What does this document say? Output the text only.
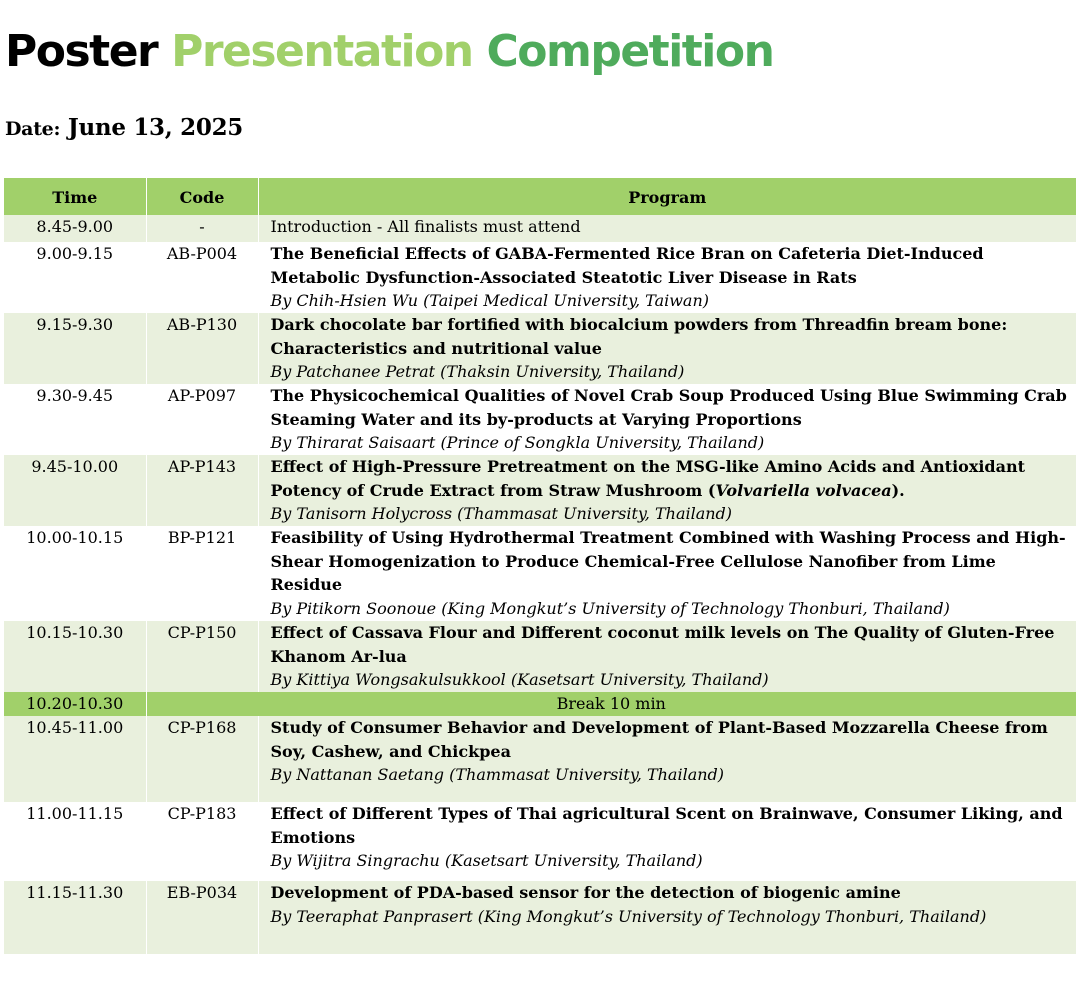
Poster Presentation Competition
Date: June 13, 2025
Time	Code	Program
8.45-9.00	-	Introduction - All finalists must attend
9.00-9.15	AB-P004	The Beneficial Effects of GABA-Fermented Rice Bran on Cafeteria Diet-Induced Metabolic Dysfunction-Associated Steatotic Liver Disease in Rats
By Chih-Hsien Wu (Taipei Medical University, Taiwan)

9.15-9.30	AB-P130	Dark chocolate bar fortified with biocalcium powders from Threadfin bream bone: Characteristics and nutritional value
By Patchanee Petrat (Thaksin University, Thailand)

9.30-9.45	AP-P097	The Physicochemical Qualities of Novel Crab Soup Produced Using Blue Swimming Crab Steaming Water and its by-products at Varying Proportions
By Thirarat Saisaart (Prince of Songkla University, Thailand)

9.45-10.00	AP-P143	Effect of High-Pressure Pretreatment on the MSG-like Amino Acids and Antioxidant Potency of Crude Extract from Straw Mushroom (Volvariella volvacea).
By Tanisorn Holycross (Thammasat University, Thailand)

10.00-10.15	BP-P121	Feasibility of Using Hydrothermal Treatment Combined with Washing Process and High-Shear Homogenization to Produce Chemical-Free Cellulose Nanofiber from Lime Residue
By Pitikorn Soonoue (King Mongkut’s University of Technology Thonburi, Thailand)

10.15-10.30	CP-P150	Effect of Cassava Flour and Different coconut milk levels on The Quality of Gluten-Free Khanom Ar-lua
By Kittiya Wongsakulsukkool (Kasetsart University, Thailand)

10.20-10.30	Break 10 min	
10.45-11.00	CP-P168	Study of Consumer Behavior and Development of Plant-Based Mozzarella Cheese from Soy, Cashew, and Chickpea
By Nattanan Saetang (Thammasat University, Thailand)

11.00-11.15	CP-P183	Effect of Different Types of Thai agricultural Scent on Brainwave, Consumer Liking, and Emotions
By Wijitra Singrachu (Kasetsart University, Thailand)

11.15-11.30	EB-P034	Development of PDA-based sensor for the detection of biogenic amine
By Teeraphat Panprasert (King Mongkut’s University of Technology Thonburi, Thailand)
